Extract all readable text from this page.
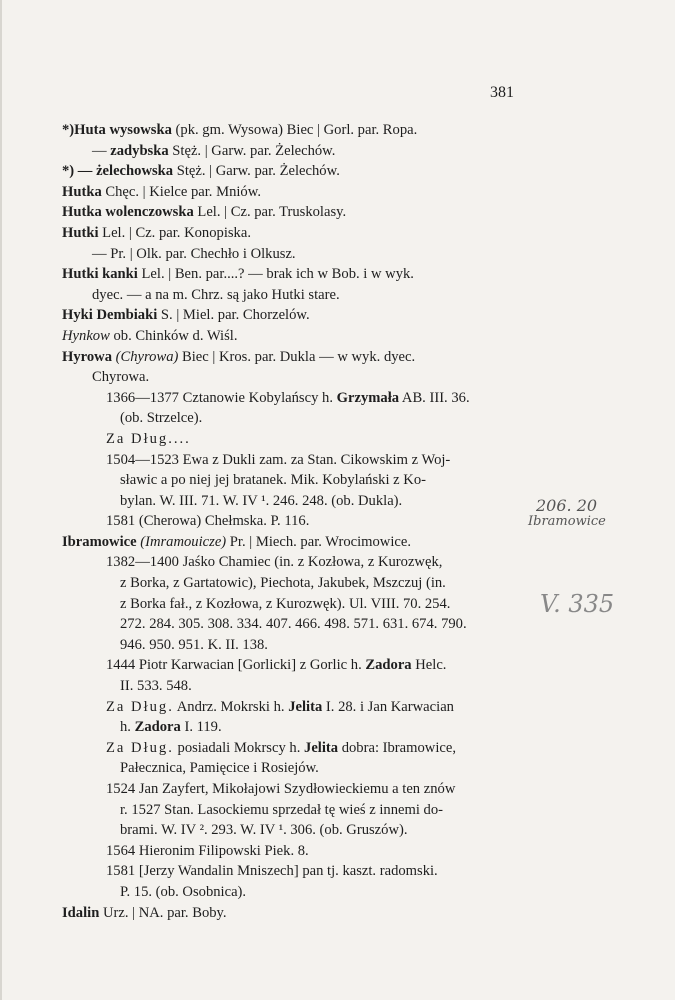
381
*)Huta wysowska (pk. gm. Wysowa) Biec | Gorl. par. Ropa.
— zadybska Stęż. | Garw. par. Żelechów.
*) — żelechowska Stęż. | Garw. par. Żelechów.
Hutka Chęc. | Kielce par. Mniów.
Hutka wolenczowska Lel. | Cz. par. Truskolasy.
Hutki Lel. | Cz. par. Konopiska.
— Pr. | Olk. par. Chechło i Olkusz.
Hutki kanki Lel. | Ben. par....? — brak ich w Bob. i w wyk.
dyec. — a na m. Chrz. są jako Hutki stare.
Hyki Dembiaki S. | Miel. par. Chorzelów.
Hynkow ob. Chinków d. Wiśl.
Hyrowa (Chyrowa) Biec | Kros. par. Dukla — w wyk. dyec.
Chyrowa.
1366—1377 Cztanowie Kobylańscy h. Grzymała AB. III. 36.
(ob. Strzelce).
Za Dług....
1504—1523 Ewa z Dukli zam. za Stan. Cikowskim z Woj-
sławic a po niej jej bratanek. Mik. Kobylański z Ko-
bylan. W. III. 71. W. IV ¹. 246. 248. (ob. Dukla).
1581 (Cherowa) Chełmska. P. 116.
Ibramowice (Imramouicze) Pr. | Miech. par. Wrocimowice.
1382—1400 Jaśko Chamiec (in. z Kozłowa, z Kurozwęk,
z Borka, z Gartatowic), Piechota, Jakubek, Mszczuj (in.
z Borka fał., z Kozłowa, z Kurozwęk). Ul. VIII. 70. 254.
272. 284. 305. 308. 334. 407. 466. 498. 571. 631. 674. 790.
946. 950. 951. K. II. 138.
1444 Piotr Karwacian [Gorlicki] z Gorlic h. Zadora Helc.
II. 533. 548.
Za Dług. Andrz. Mokrski h. Jelita I. 28. i Jan Karwacian
h. Zadora I. 119.
Za Dług. posiadali Mokrscy h. Jelita dobra: Ibramowice,
Pałecznica, Pamięcice i Rosiejów.
1524 Jan Zayfert, Mikołajowi Szydłowieckiemu a ten znów
r. 1527 Stan. Lasockiemu sprzedał tę wieś z innemi do-
brami. W. IV ². 293. W. IV ¹. 306. (ob. Gruszów).
1564 Hieronim Filipowski Piek. 8.
1581 [Jerzy Wandalin Mniszech] pan tj. kaszt. radomski.
P. 15. (ob. Osobnica).
Idalin Urz. | NA. par. Boby.
206. 20
Ibramowice
V. 335
